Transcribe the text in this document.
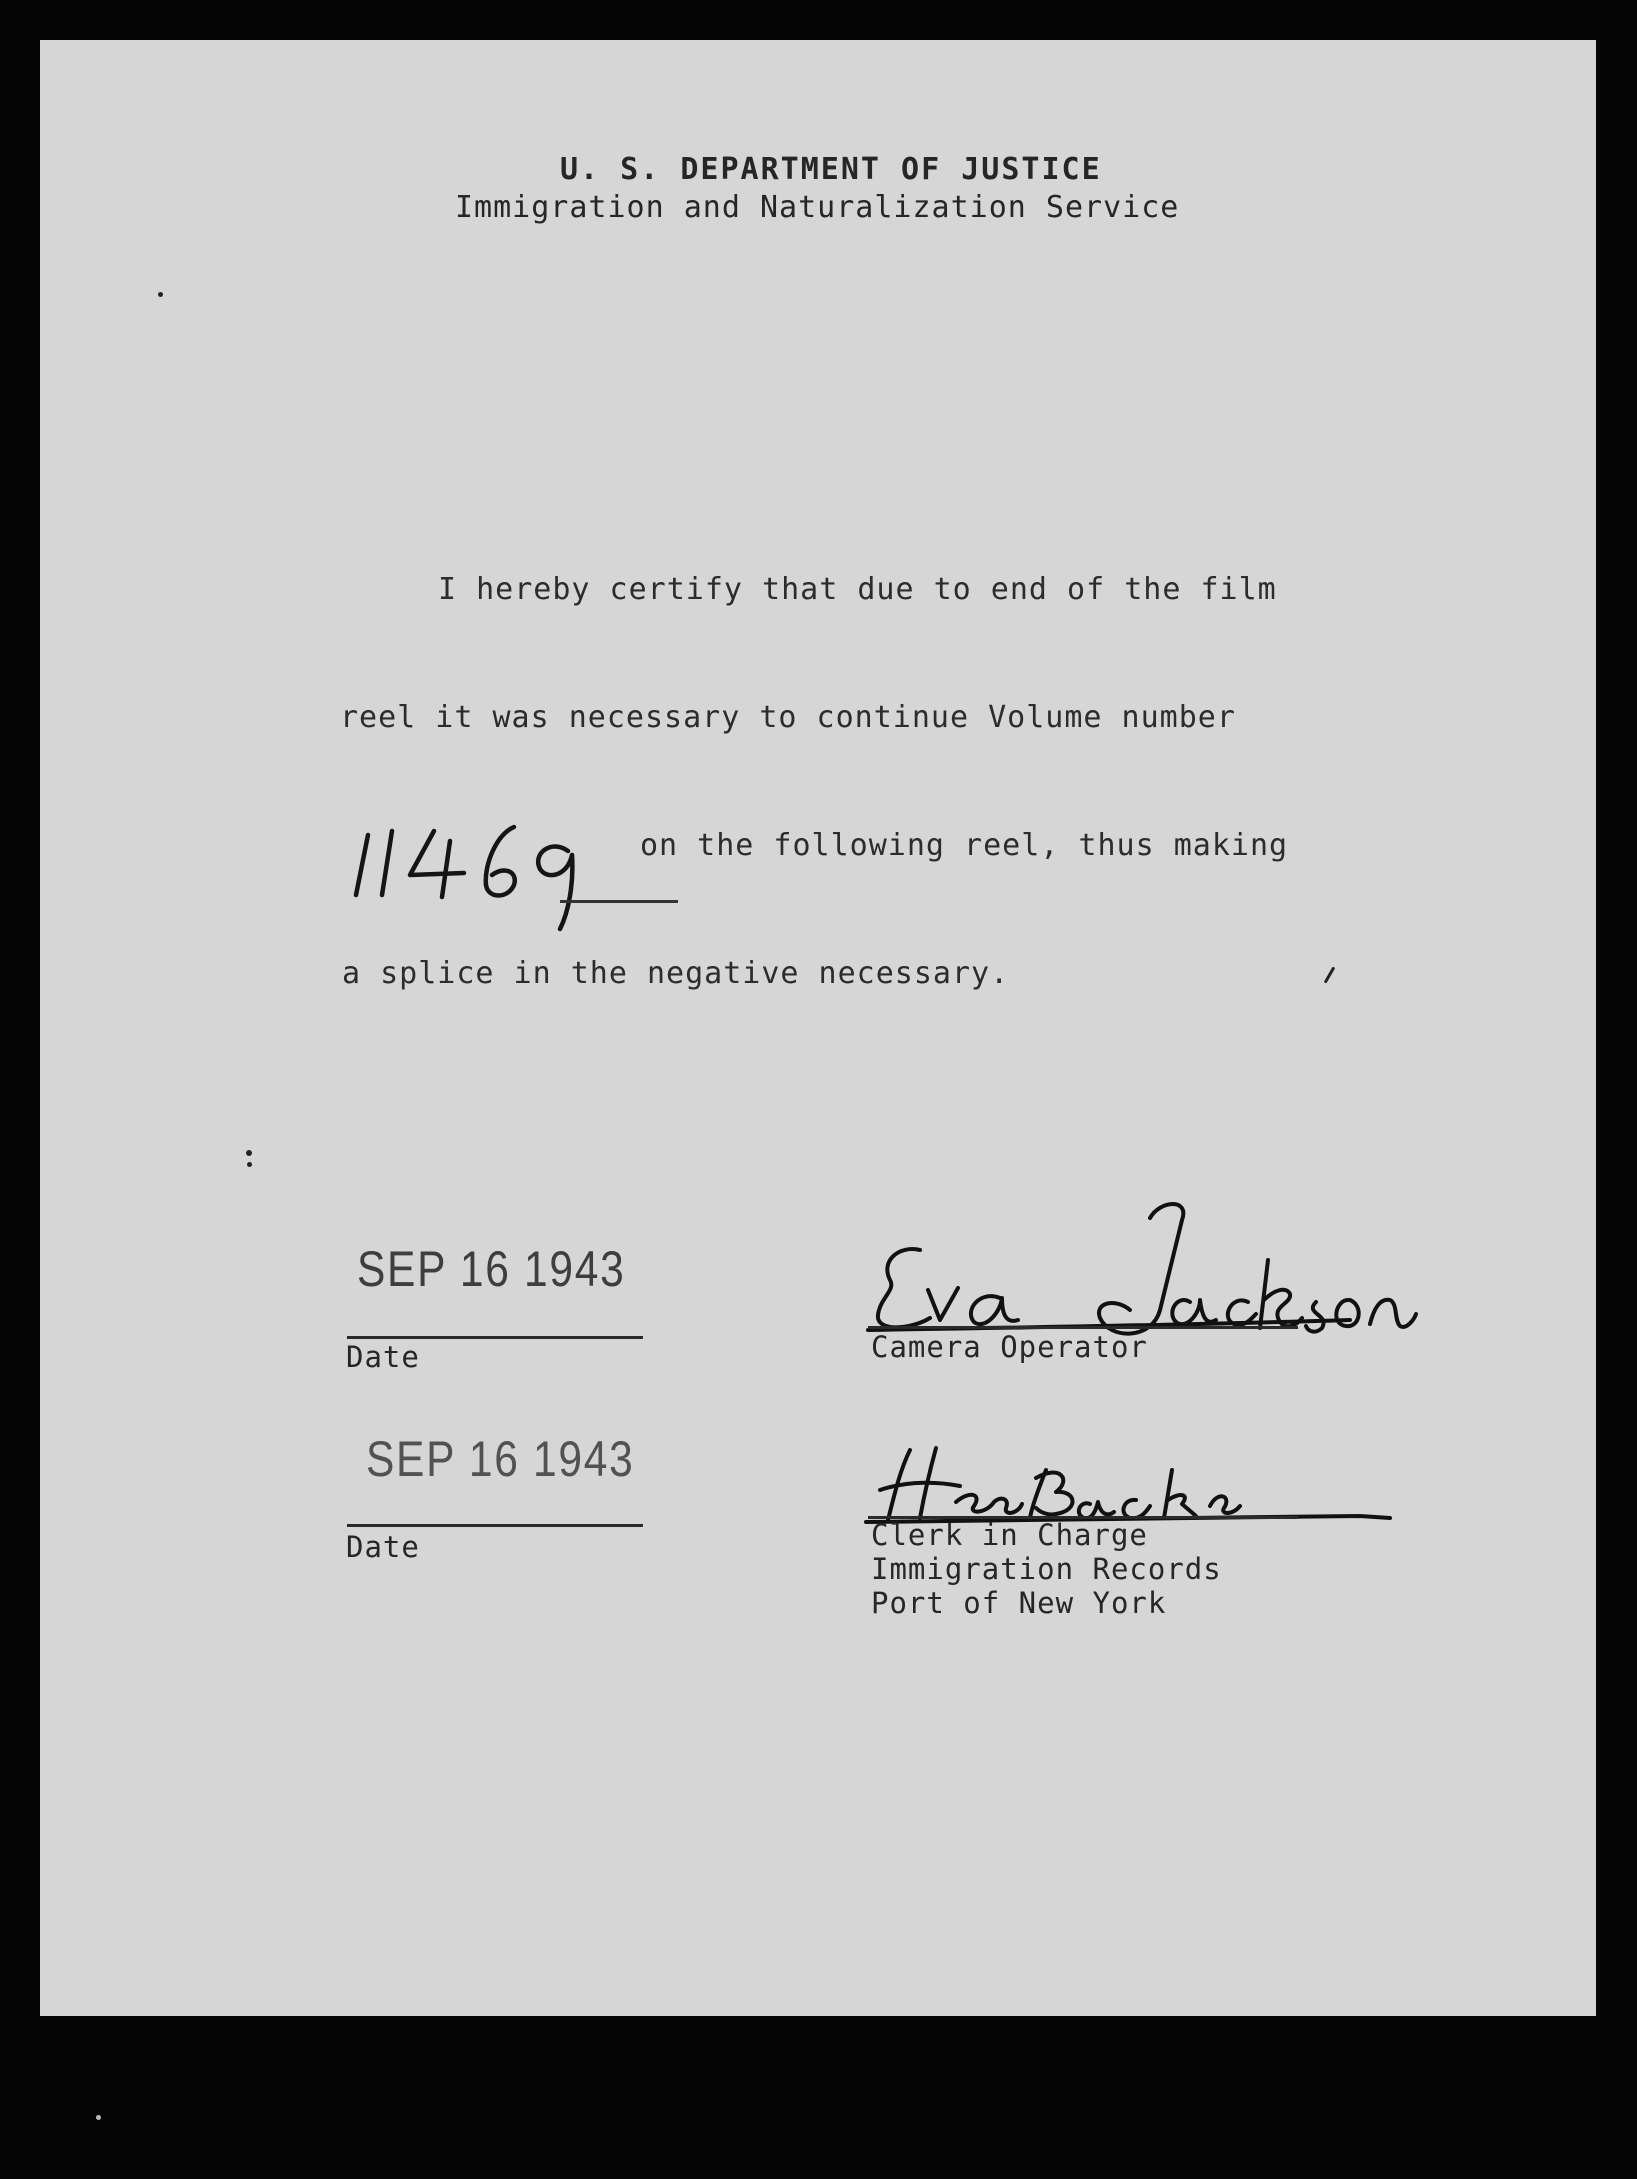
U. S. DEPARTMENT OF JUSTICE
Immigration and Naturalization Service
I hereby certify that due to end of the film
reel it was necessary to continue Volume number
on the following reel, thus making
a splice in the negative necessary.
SEP 16 1943
Date	Camera Operator
SEP 16 1943
Date	Clerk in Charge
Immigration Records
Port of New York
